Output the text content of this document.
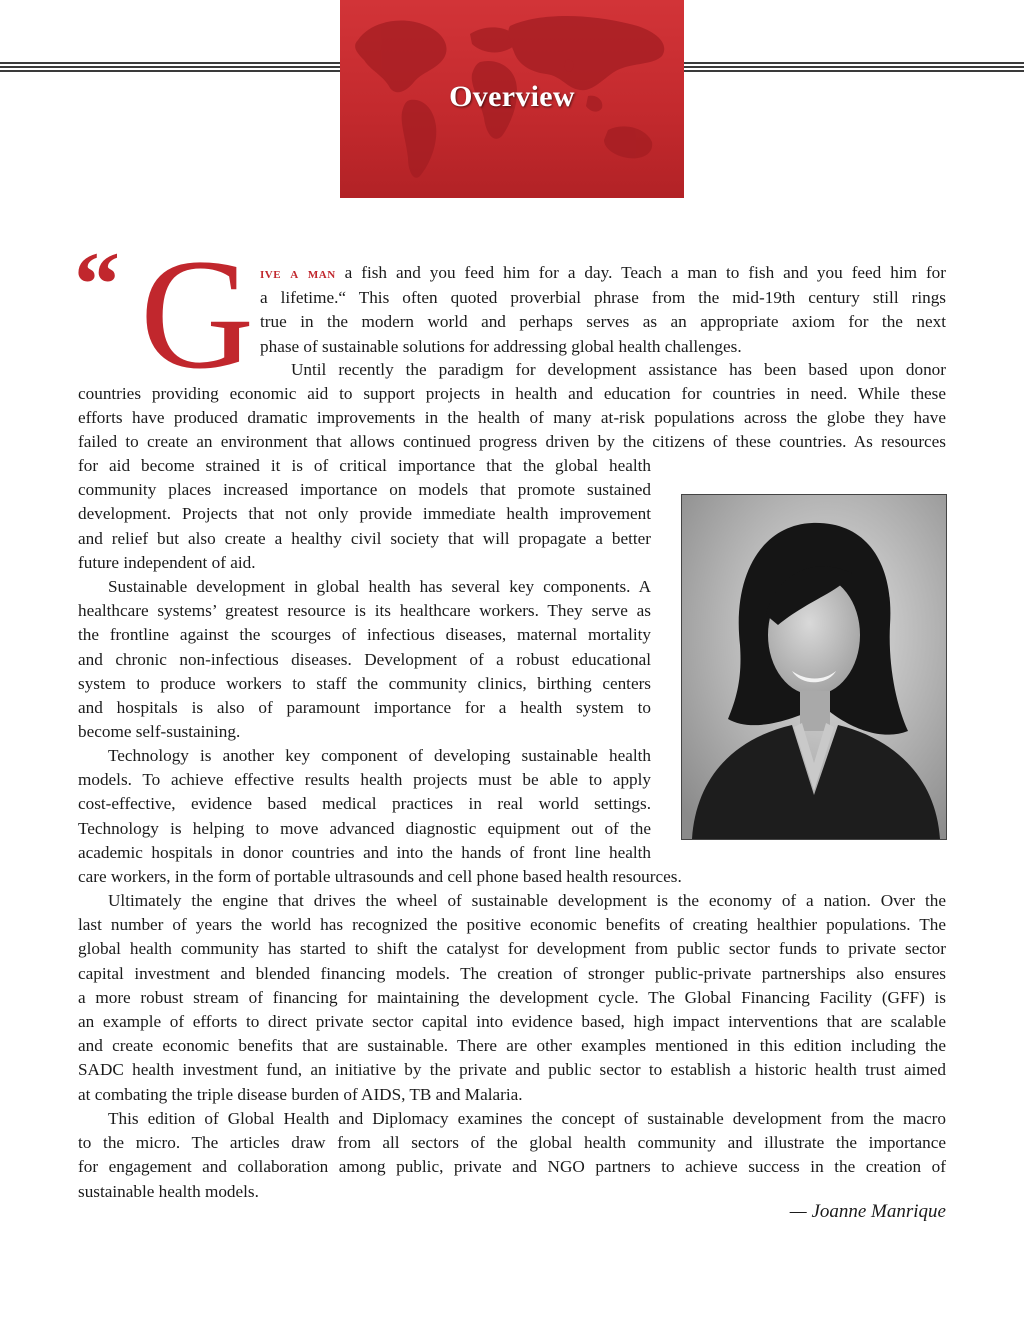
Overview
“ G ive a man a fish and you feed him for a day. Teach a man to fish and you feed him for
a lifetime.“ This often quoted proverbial phrase from the mid-19th century still rings
true in the modern world and perhaps serves as an appropriate axiom for the next
phase of sustainable solutions for addressing global health challenges.
Until recently the paradigm for development assistance has been based upon donor
countries providing economic aid to support projects in health and education for countries in need. While these
efforts have produced dramatic improvements in the health of many at-risk populations across the globe they have
failed to create an environment that allows continued progress driven by the citizens of these countries. As resources
for aid become strained it is of critical importance that the global health
community places increased importance on models that promote sustained
development. Projects that not only provide immediate health improvement
and relief but also create a healthy civil society that will propagate a better
future independent of aid.
Sustainable development in global health has several key components. A
healthcare systems’ greatest resource is its healthcare workers. They serve as
the frontline against the scourges of infectious diseases, maternal mortality
and chronic non-infectious diseases. Development of a robust educational
system to produce workers to staff the community clinics, birthing centers
and hospitals is also of paramount importance for a health system to
become self-sustaining.
Technology is another key component of developing sustainable health
models. To achieve effective results health projects must be able to apply
cost-effective, evidence based medical practices in real world settings.
Technology is helping to move advanced diagnostic equipment out of the
academic hospitals in donor countries and into the hands of front line health
care workers, in the form of portable ultrasounds and cell phone based health resources.
Ultimately the engine that drives the wheel of sustainable development is the economy of a nation. Over the
last number of years the world has recognized the positive economic benefits of creating healthier populations. The
global health community has started to shift the catalyst for development from public sector funds to private sector
capital investment and blended financing models. The creation of stronger public-private partnerships also ensures
a more robust stream of financing for maintaining the development cycle. The Global Financing Facility (GFF) is
an example of efforts to direct private sector capital into evidence based, high impact interventions that are scalable
and create economic benefits that are sustainable. There are other examples mentioned in this edition including the
SADC health investment fund, an initiative by the private and public sector to establish a historic health trust aimed
at combating the triple disease burden of AIDS, TB and Malaria.
This edition of Global Health and Diplomacy examines the concept of sustainable development from the macro
to the micro. The articles draw from all sectors of the global health community and illustrate the importance
for engagement and collaboration among public, private and NGO partners to achieve success in the creation of
sustainable health models.
— Joanne Manrique
